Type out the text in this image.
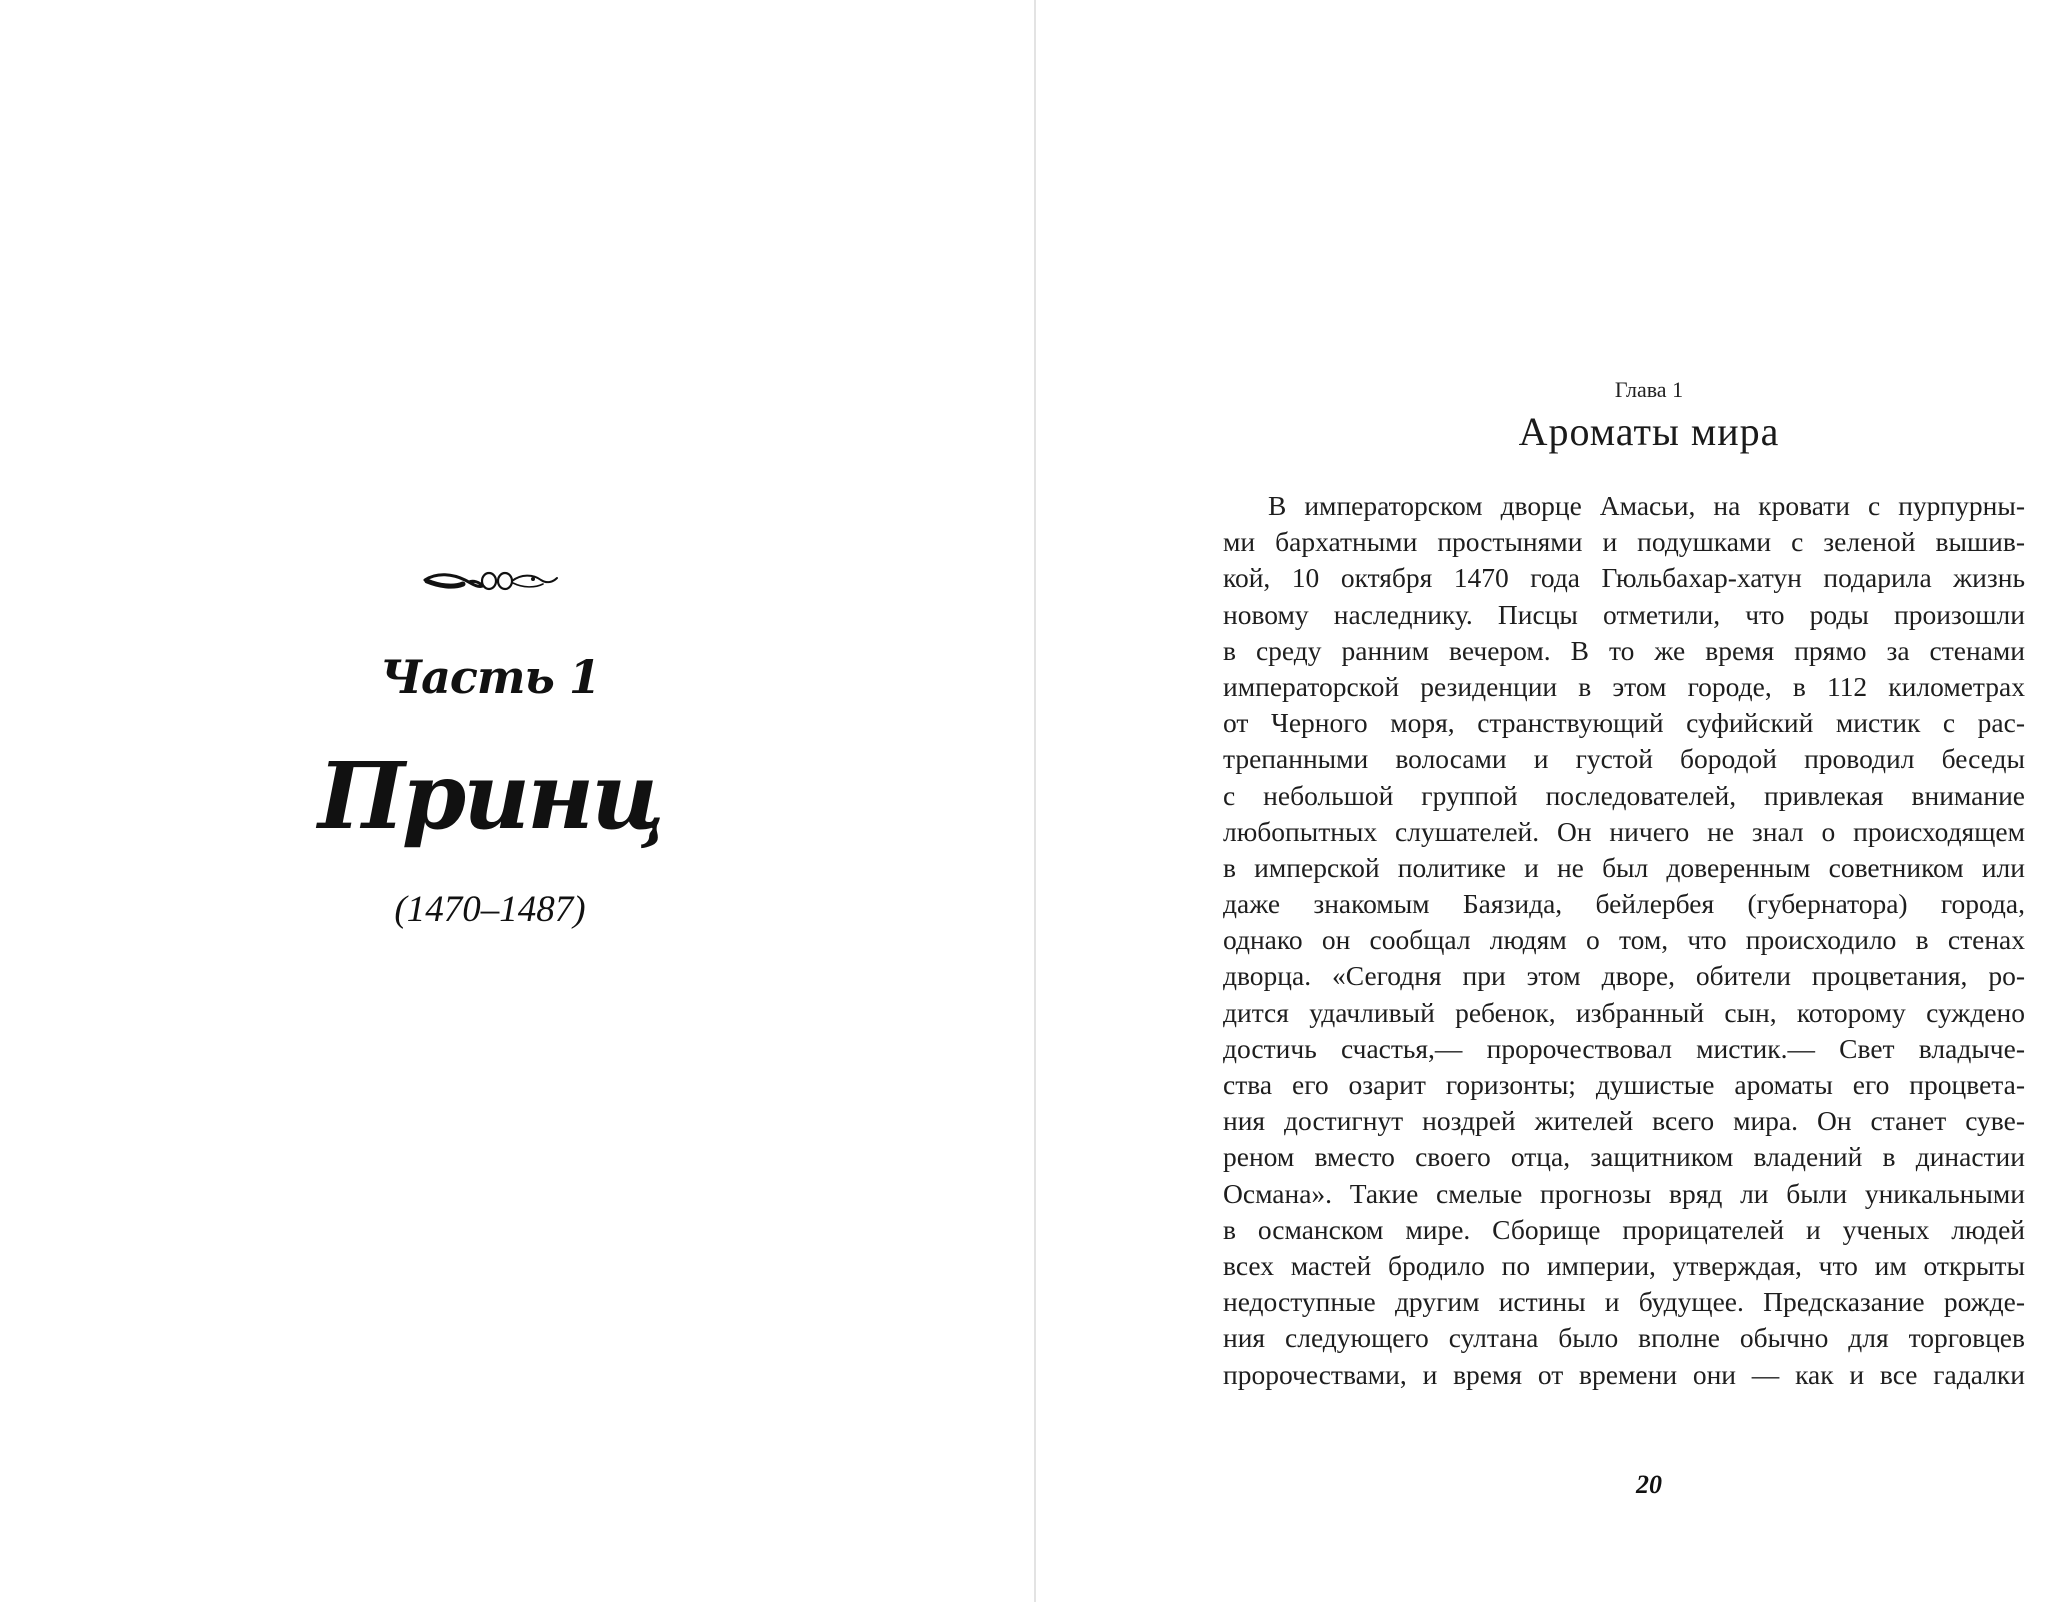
Часть 1
Принц
(1470–1487)
Глава 1
Ароматы мира
В императорском дворце Амасьи, на кровати с пурпурны-
ми бархатными простынями и подушками с зеленой вышив-
кой, 10 октября 1470 года Гюльбахар-хатун подарила жизнь
новому наследнику. Писцы отметили, что роды произошли
в среду ранним вечером. В то же время прямо за стенами
императорской резиденции в этом городе, в 112 километрах
от Черного моря, странствующий суфийский мистик с рас-
трепанными волосами и густой бородой проводил беседы
с небольшой группой последователей, привлекая внимание
любопытных слушателей. Он ничего не знал о происходящем
в имперской политике и не был доверенным советником или
даже знакомым Баязида, бейлербея (губернатора) города,
однако он сообщал людям о том, что происходило в стенах
дворца. «Сегодня при этом дворе, обители процветания, ро-
дится удачливый ребенок, избранный сын, которому суждено
достичь счастья,— пророчествовал мистик.— Свет владыче-
ства его озарит горизонты; душистые ароматы его процвета-
ния достигнут ноздрей жителей всего мира. Он станет суве-
реном вместо своего отца, защитником владений в династии
Османа». Такие смелые прогнозы вряд ли были уникальными
в османском мире. Сборище прорицателей и ученых людей
всех мастей бродило по империи, утверждая, что им открыты
недоступные другим истины и будущее. Предсказание рожде-
ния следующего султана было вполне обычно для торговцев
пророчествами, и время от времени они — как и все гадалки
20
